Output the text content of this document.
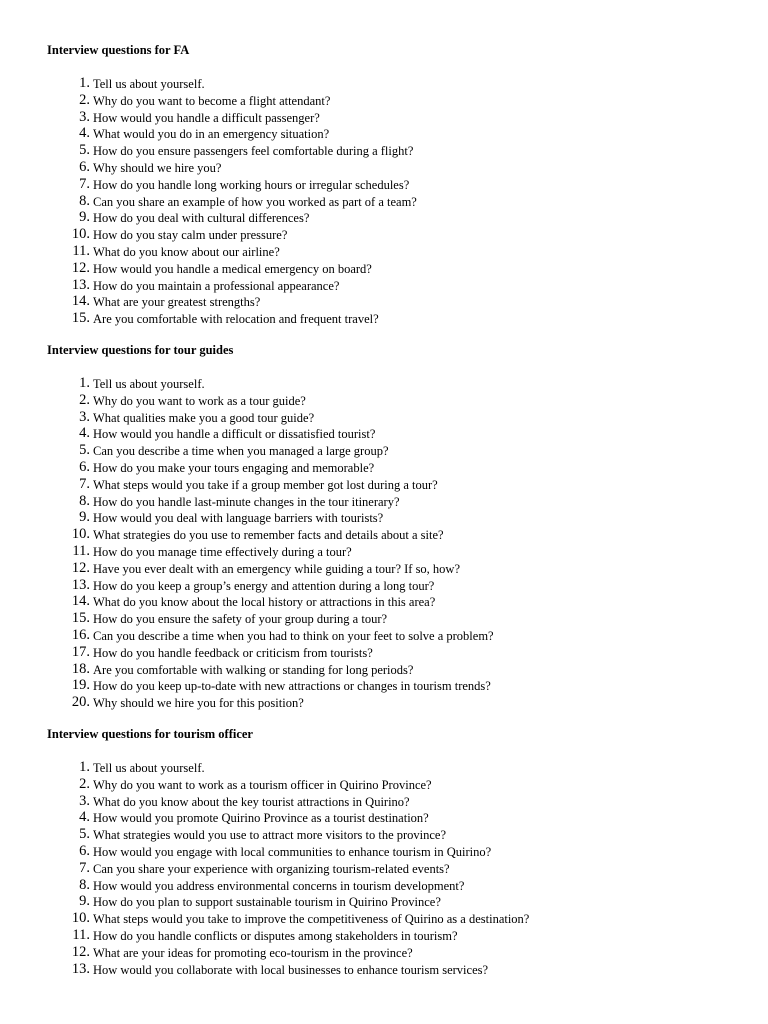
Interview questions for FA
1. Tell us about yourself.
2. Why do you want to become a flight attendant?
3. How would you handle a difficult passenger?
4. What would you do in an emergency situation?
5. How do you ensure passengers feel comfortable during a flight?
6. Why should we hire you?
7. How do you handle long working hours or irregular schedules?
8. Can you share an example of how you worked as part of a team?
9. How do you deal with cultural differences?
10. How do you stay calm under pressure?
11. What do you know about our airline?
12. How would you handle a medical emergency on board?
13. How do you maintain a professional appearance?
14. What are your greatest strengths?
15. Are you comfortable with relocation and frequent travel?
Interview questions for tour guides
1. Tell us about yourself.
2. Why do you want to work as a tour guide?
3. What qualities make you a good tour guide?
4. How would you handle a difficult or dissatisfied tourist?
5. Can you describe a time when you managed a large group?
6. How do you make your tours engaging and memorable?
7. What steps would you take if a group member got lost during a tour?
8. How do you handle last-minute changes in the tour itinerary?
9. How would you deal with language barriers with tourists?
10. What strategies do you use to remember facts and details about a site?
11. How do you manage time effectively during a tour?
12. Have you ever dealt with an emergency while guiding a tour? If so, how?
13. How do you keep a group’s energy and attention during a long tour?
14. What do you know about the local history or attractions in this area?
15. How do you ensure the safety of your group during a tour?
16. Can you describe a time when you had to think on your feet to solve a problem?
17. How do you handle feedback or criticism from tourists?
18. Are you comfortable with walking or standing for long periods?
19. How do you keep up-to-date with new attractions or changes in tourism trends?
20. Why should we hire you for this position?
Interview questions for tourism officer
1. Tell us about yourself.
2. Why do you want to work as a tourism officer in Quirino Province?
3. What do you know about the key tourist attractions in Quirino?
4. How would you promote Quirino Province as a tourist destination?
5. What strategies would you use to attract more visitors to the province?
6. How would you engage with local communities to enhance tourism in Quirino?
7. Can you share your experience with organizing tourism-related events?
8. How would you address environmental concerns in tourism development?
9. How do you plan to support sustainable tourism in Quirino Province?
10. What steps would you take to improve the competitiveness of Quirino as a destination?
11. How do you handle conflicts or disputes among stakeholders in tourism?
12. What are your ideas for promoting eco-tourism in the province?
13. How would you collaborate with local businesses to enhance tourism services?
